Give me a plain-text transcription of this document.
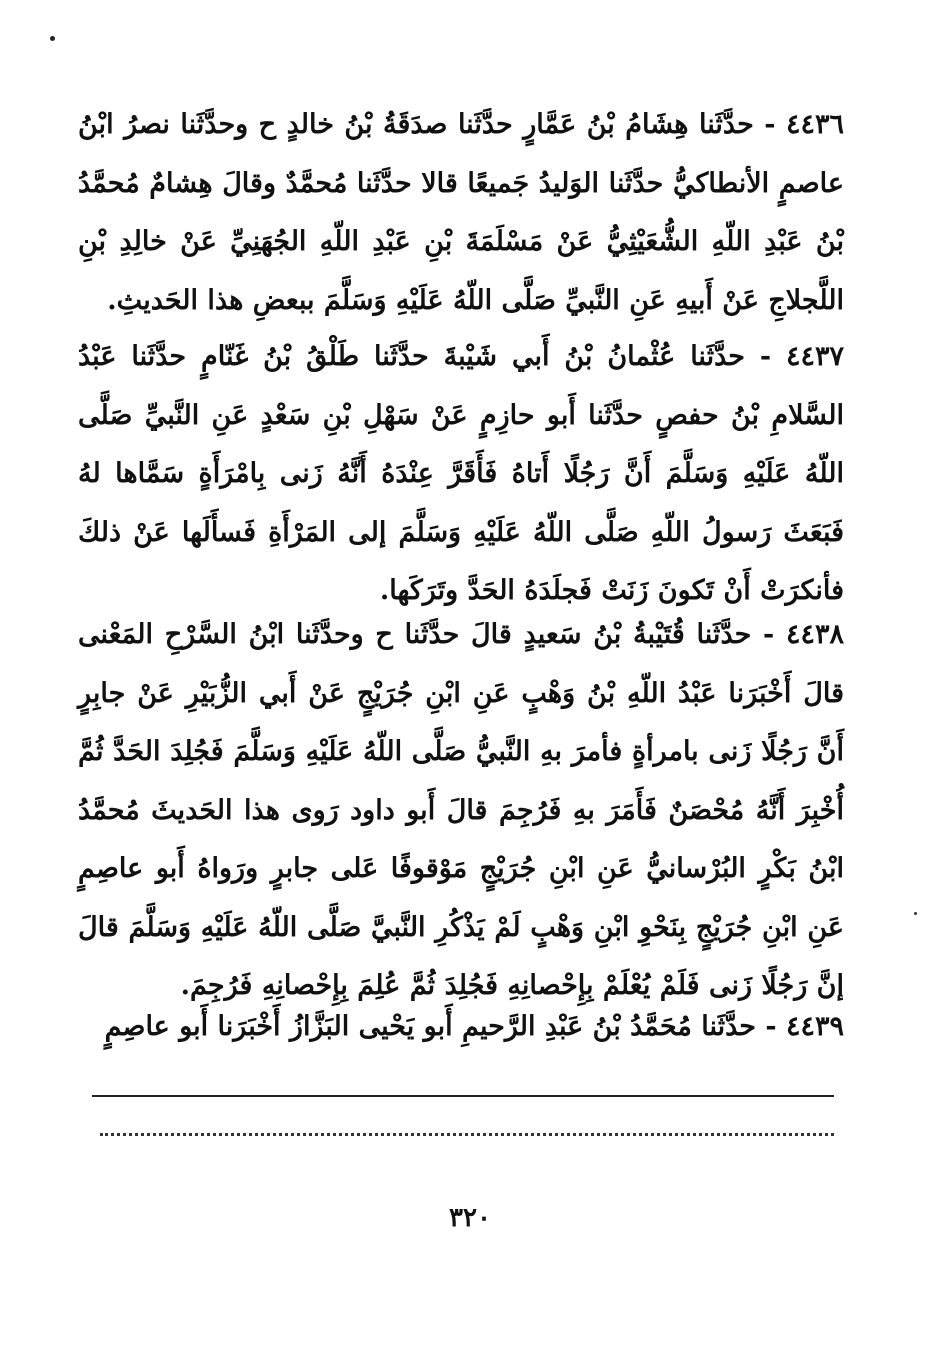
٤٤٣٦ - حدَّثَنا هِشَامُ بْنُ عَمَّارٍ حدَّثَنا صدَقَةُ بْنُ خالدٍ ح وحدَّثَنا نصرُ ابْنُ عاصمٍ الأنطاكيُّ حدَّثَنا الوَليدُ جَميعًا قالا حدَّثَنا مُحمَّدٌ وقالَ هِشامٌ مُحمَّدُ بْنُ عَبْدِ اللّهِ الشُّعَيْثِيُّ عَنْ مَسْلَمَةَ بْنِ عَبْدِ اللّهِ الجُهَنِيِّ عَنْ خالِدِ بْنِ اللَّجلاجِ عَنْ أَبيهِ عَنِ النَّبيِّ صَلَّى اللّهُ عَلَيْهِ وَسَلَّمَ ببعضِ هذا الحَديثِ.
٤٤٣٧ - حدَّثَنا عُثْمانُ بْنُ أَبي شَيْبةَ حدَّثَنا طَلْقُ بْنُ غَنّامٍ حدَّثَنا عَبْدُ السَّلامِ بْنُ حفصٍ حدَّثَنا أَبو حازِمٍ عَنْ سَهْلِ بْنِ سَعْدٍ عَنِ النَّبيِّ صَلَّى اللّهُ عَلَيْهِ وَسَلَّمَ أَنَّ رَجُلًا أَتاهُ فَأَقَرَّ عِنْدَهُ أَنَّهُ زَنى بِامْرَأَةٍ سَمَّاها لهُ فَبَعَثَ رَسولُ اللّهِ صَلَّى اللّهُ عَلَيْهِ وَسَلَّمَ إلى المَرْأَةِ فَسأَلَها عَنْ ذلكَ فأنكرَتْ أَنْ تَكونَ زَنَتْ فَجلَدَهُ الحَدَّ وتَرَكَها.
٤٤٣٨ - حدَّثَنا قُتَيْبةُ بْنُ سَعيدٍ قالَ حدَّثَنا ح وحدَّثَنا ابْنُ السَّرْحِ المَعْنى قالَ أَخْبَرَنا عَبْدُ اللّهِ بْنُ وَهْبٍ عَنِ ابْنِ جُرَيْجٍ عَنْ أَبي الزُّبَيْرِ عَنْ جابِرٍ أَنَّ رَجُلًا زَنى بامرأةٍ فأمرَ بهِ النَّبيُّ صَلَّى اللّهُ عَلَيْهِ وَسَلَّمَ فَجُلِدَ الحَدَّ ثُمَّ أُخْبِرَ أَنَّهُ مُحْصَنٌ فَأَمَرَ بهِ فَرُجِمَ قالَ أَبو داود رَوى هذا الحَديثَ مُحمَّدُ ابْنُ بَكْرٍ البُرْسانيُّ عَنِ ابْنِ جُرَيْجٍ مَوْقوفًا عَلى جابرٍ ورَواهُ أَبو عاصِمٍ عَنِ ابْنِ جُرَيْجٍ بِنَحْوِ ابْنِ وَهْبٍ لَمْ يَذْكُرِ النَّبيَّ صَلَّى اللّهُ عَلَيْهِ وَسَلَّمَ قالَ إنَّ رَجُلًا زَنى فَلَمْ يُعْلَمْ بِإِحْصانِهِ فَجُلِدَ ثُمَّ عُلِمَ بِإِحْصانِهِ فَرُجِمَ.
٤٤٣٩ - حدَّثَنا مُحَمَّدُ بْنُ عَبْدِ الرَّحيمِ أَبو يَحْيى البَزَّازُ أَخْبَرَنا أَبو عاصِمٍ
٣٢٠
